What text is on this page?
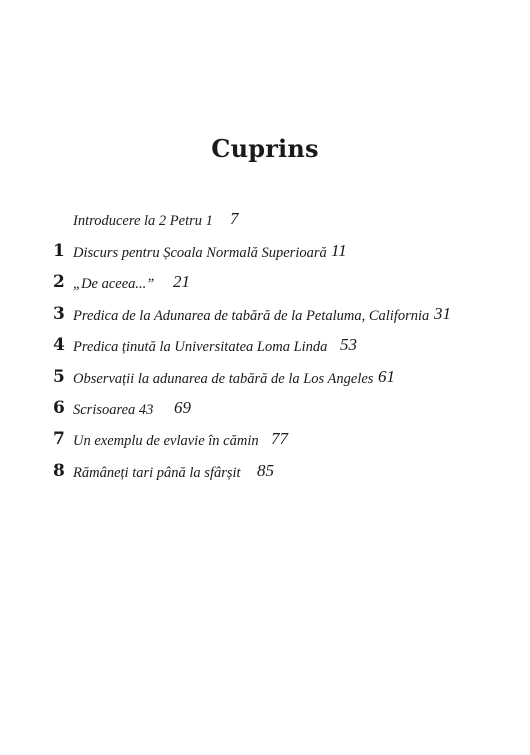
Cuprins
Introducere la 2 Petru 1 7
1 Discurs pentru Școala Normală Superioară 11
2 „De aceea...” 21
3 Predica de la Adunarea de tabără de la Petaluma, California 31
4 Predica ținută la Universitatea Loma Linda 53
5 Observații la adunarea de tabără de la Los Angeles 61
6 Scrisoarea 43 69
7 Un exemplu de evlavie în cămin 77
8 Rămâneți tari până la sfârșit 85
